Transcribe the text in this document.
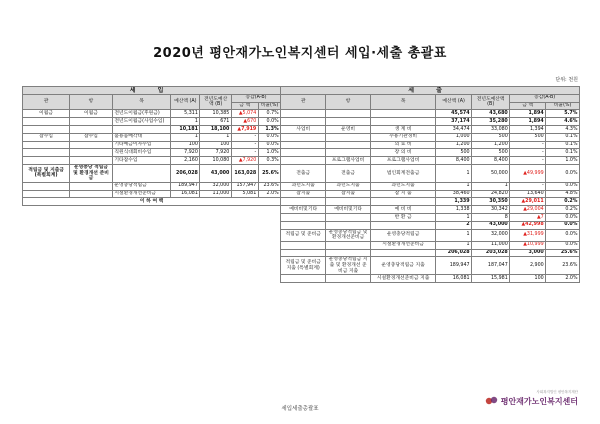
2020년 평안재가노인복지센터 세입·세출 총괄표
단위: 천원
세 입							세 출						
관	항	목	예산액 (A)	전년도예산액 (B)	증감(A-B)		관	항	목	예산액 (A)	전년도예산액 (B)	증감(A-B)	
					금 액	비율(%)						금 액	비율(%)
이월금	이월금	전년도이월금(후원금)	5,311	10,385	▲5,074	0.7%				45,574	43,680	1,894	5.7%
		전년도이월금(사업수입)	1	671	▲670	0.0%				37,174	35,280	1,894	4.6%
			10,181	18,100	▲7,919	1.3%	사업비	운영비	생 계 비	34,474	33,080	1,394	4.3%
잡수입	잡수입	불용품매각대	1	1	-	0.0%			수용기관경비	1,000	500	500	0.1%
		기타예금이자수입	100	100	-	0.0%			의 료 비	1,200	1,200	-	0.1%
		직원식대회비수입	7,920	7,920	-	1.0%			장 의 비	500	500	-	0.1%
		기타잡수입	2,160	10,080	▲7,920	0.3%		프로그램사업비	프로그램사업비	8,400	8,400	-	1.0%
적립금 및 지출금 (특별회계)	운영충당 적립금 및 환경개선 준비금		206,028	43,000	163,028	25.6%	전출금	전출금	법인회계전출금	1	50,000	▲49,999	0.0%
		운영충당적립금	189,947	32,000	157,947	23.6%	과년도지출	과년도지출	과년도지출	1	1	-	0.0%
		시설환경개선준비금	16,081	11,000	5,081	2.0%	잡지출	잡지출	잡 지 출	38,460	24,820	13,640	4.8%
이 하 여 백										1,339	30,350	▲29,011	0.2%
							예비비및기타	예비비및기타	예 비 비	1,338	30,342	▲29,004	0.2%
									반 환 금	1	8	▲7	0.0%
										2	43,000	▲42,998	0.0%
							적립금 및 준비금	운영충당적립금 및 환경개선준비금	운영충당적립금	1	32,000	▲31,999	0.0%
									시설환경개선준비금	1	11,000	▲10,999	0.0%
										206,028	203,028	3,000	25.6%
							적립금 및 준비금 지출 (특별회계)	운영충당적립금 지 출 및 환경개선 준 비금 지출	운영충당적립금 지출	189,947	187,047	2,900	23.6%
									시설환경개선준비금 지출	16,081	15,981	100	2.0%
세입세출총괄표
사회복지법인 평안복지재단
평안재가노인복지센터
